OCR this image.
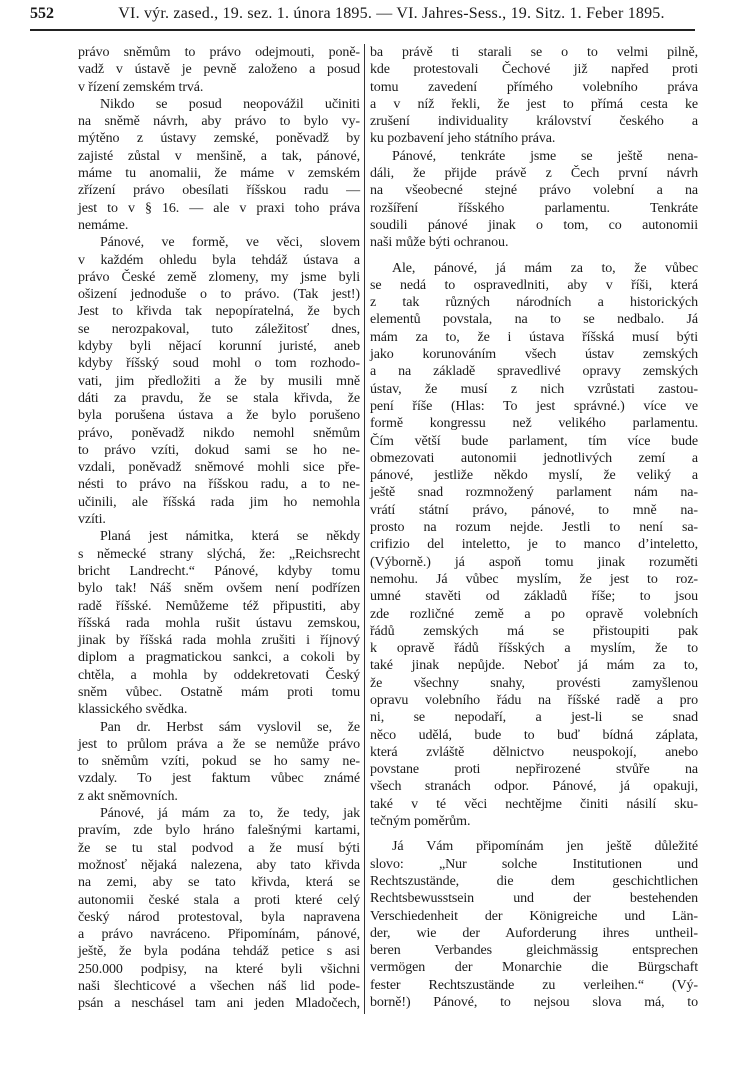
552	VI. výr. zased., 19. sez. 1. února 1895. — VI. Jahres-Sess., 19. Sitz. 1. Feber 1895.
právo sněmům to právo odejmouti, poně-
vadž v ústavě je pevně založeno a posud
v řízení zemském trvá.
Nikdo se posud neopovážil učiniti
na sněmě návrh, aby právo to bylo vy-
mýtěno z ústavy zemské, poněvadž by
zajisté zůstal v menšině, a tak, pánové,
máme tu anomalii, že máme v zemském
zřízení právo obesílati říšskou radu —
jest to v § 16. — ale v praxi toho práva
nemáme.
Pánové, ve formě, ve věci, slovem
v každém ohledu byla tehdáž ústava a
právo České země zlomeny, my jsme byli
ošizení jednoduše o to právo. (Tak jest!)
Jest to křivda tak nepopíratelná, že bych
se nerozpakoval, tuto záležitosť dnes,
kdyby byli nějací korunní juristé, aneb
kdyby říšský soud mohl o tom rozhodo-
vati, jim předložiti a že by musili mně
dáti za pravdu, že se stala křivda, že
byla porušena ústava a že bylo porušeno
právo, poněvadž nikdo nemohl sněmům
to právo vzíti, dokud sami se ho ne-
vzdali, poněvadž sněmové mohli sice pře-
nésti to právo na říšskou radu, a to ne-
učinili, ale říšská rada jim ho nemohla
vzíti.
Planá jest námitka, která se někdy
s německé strany slýchá, že: „Reichsrecht
bricht Landrecht.“ Pánové, kdyby tomu
bylo tak! Náš sněm ovšem není podřízen
radě říšské. Nemůžeme též připustiti, aby
říšská rada mohla rušit ústavu zemskou,
jinak by říšská rada mohla zrušiti i říjnový
diplom a pragmatickou sankci, a cokoli by
chtěla, a mohla by oddekretovati Český
sněm vůbec. Ostatně mám proti tomu
klassického svědka.
Pan dr. Herbst sám vyslovil se, že
jest to průlom práva a že se nemůže právo
to sněmům vzíti, pokud se ho samy ne-
vzdaly. To jest faktum vůbec známé
z akt sněmovních.
Pánové, já mám za to, že tedy, jak
pravím, zde bylo hráno falešnými kartami,
že se tu stal podvod a že musí býti
možnosť nějaká nalezena, aby tato křivda
na zemi, aby se tato křivda, která se
autonomii české stala a proti které celý
český národ protestoval, byla napravena
a právo navráceno. Připomínám, pánové,
ještě, že byla podána tehdáž petice s asi
250.000 podpisy, na které byli všichni
naši šlechticové a všechen náš lid pode-
psán a neschásel tam ani jeden Mladočech,
ba právě ti starali se o to velmi pilně,
kde protestovali Čechové již napřed proti
tomu zavedení přímého volebního práva
a v níž řekli, že jest to přímá cesta ke
zrušení individuality království českého a
ku pozbavení jeho státního práva.
Pánové, tenkráte jsme se ještě nena-
dáli, že přijde právě z Čech první návrh
na všeobecné stejné právo volební a na
rozšíření říšského parlamentu. Tenkráte
soudili pánové jinak o tom, co autonomii
naši může býti ochranou.
Ale, pánové, já mám za to, že vůbec
se nedá to ospravedlniti, aby v říši, která
z tak různých národních a historických
elementů povstala, na to se nedbalo. Já
mám za to, že i ústava říšská musí býti
jako korunováním všech ústav zemských
a na základě spravedlivé opravy zemských
ústav, že musí z nich vzrůstati zastou-
pení říše (Hlas: To jest správné.) více ve
formě kongressu než velikého parlamentu.
Čím větší bude parlament, tím více bude
obmezovati autonomii jednotlivých zemí a
pánové, jestliže někdo myslí, že veliký a
ještě snad rozmnožený parlament nám na-
vrátí státní právo, pánové, to mně na-
prosto na rozum nejde. Jestli to není sa-
crifizio del inteletto, je to manco d’inteletto,
(Výborně.) já aspoň tomu jinak rozuměti
nemohu. Já vůbec myslím, že jest to roz-
umné stavěti od základů říše; to jsou
zde rozličné země a po opravě volebních
řádů zemských má se přistoupiti pak
k opravě řádů říšských a myslím, že to
také jinak nepůjde. Neboť já mám za to,
že všechny snahy, provésti zamyšlenou
opravu volebního řádu na říšské radě a pro
ni, se nepodaří, a jest-li se snad
něco udělá, bude to buď bídná záplata,
která zvláště dělnictvo neuspokojí, anebo
povstane proti nepřirozené stvůře na
všech stranách odpor. Pánové, já opakuji,
také v té věci nechtějme činiti násilí sku-
tečným poměrům.
Já Vám připomínám jen ještě důležité
slovo: „Nur solche Institutionen und
Rechtszustände, die dem geschichtlichen
Rechtsbewusstsein und der bestehenden
Verschiedenheit der Königreiche und Län-
der, wie der Auforderung ihres untheil-
beren Verbandes gleichmässig entsprechen
vermögen der Monarchie die Bürgschaft
fester Rechtszustände zu verleihen.“ (Vý-
borně!) Pánové, to nejsou slova má, to
